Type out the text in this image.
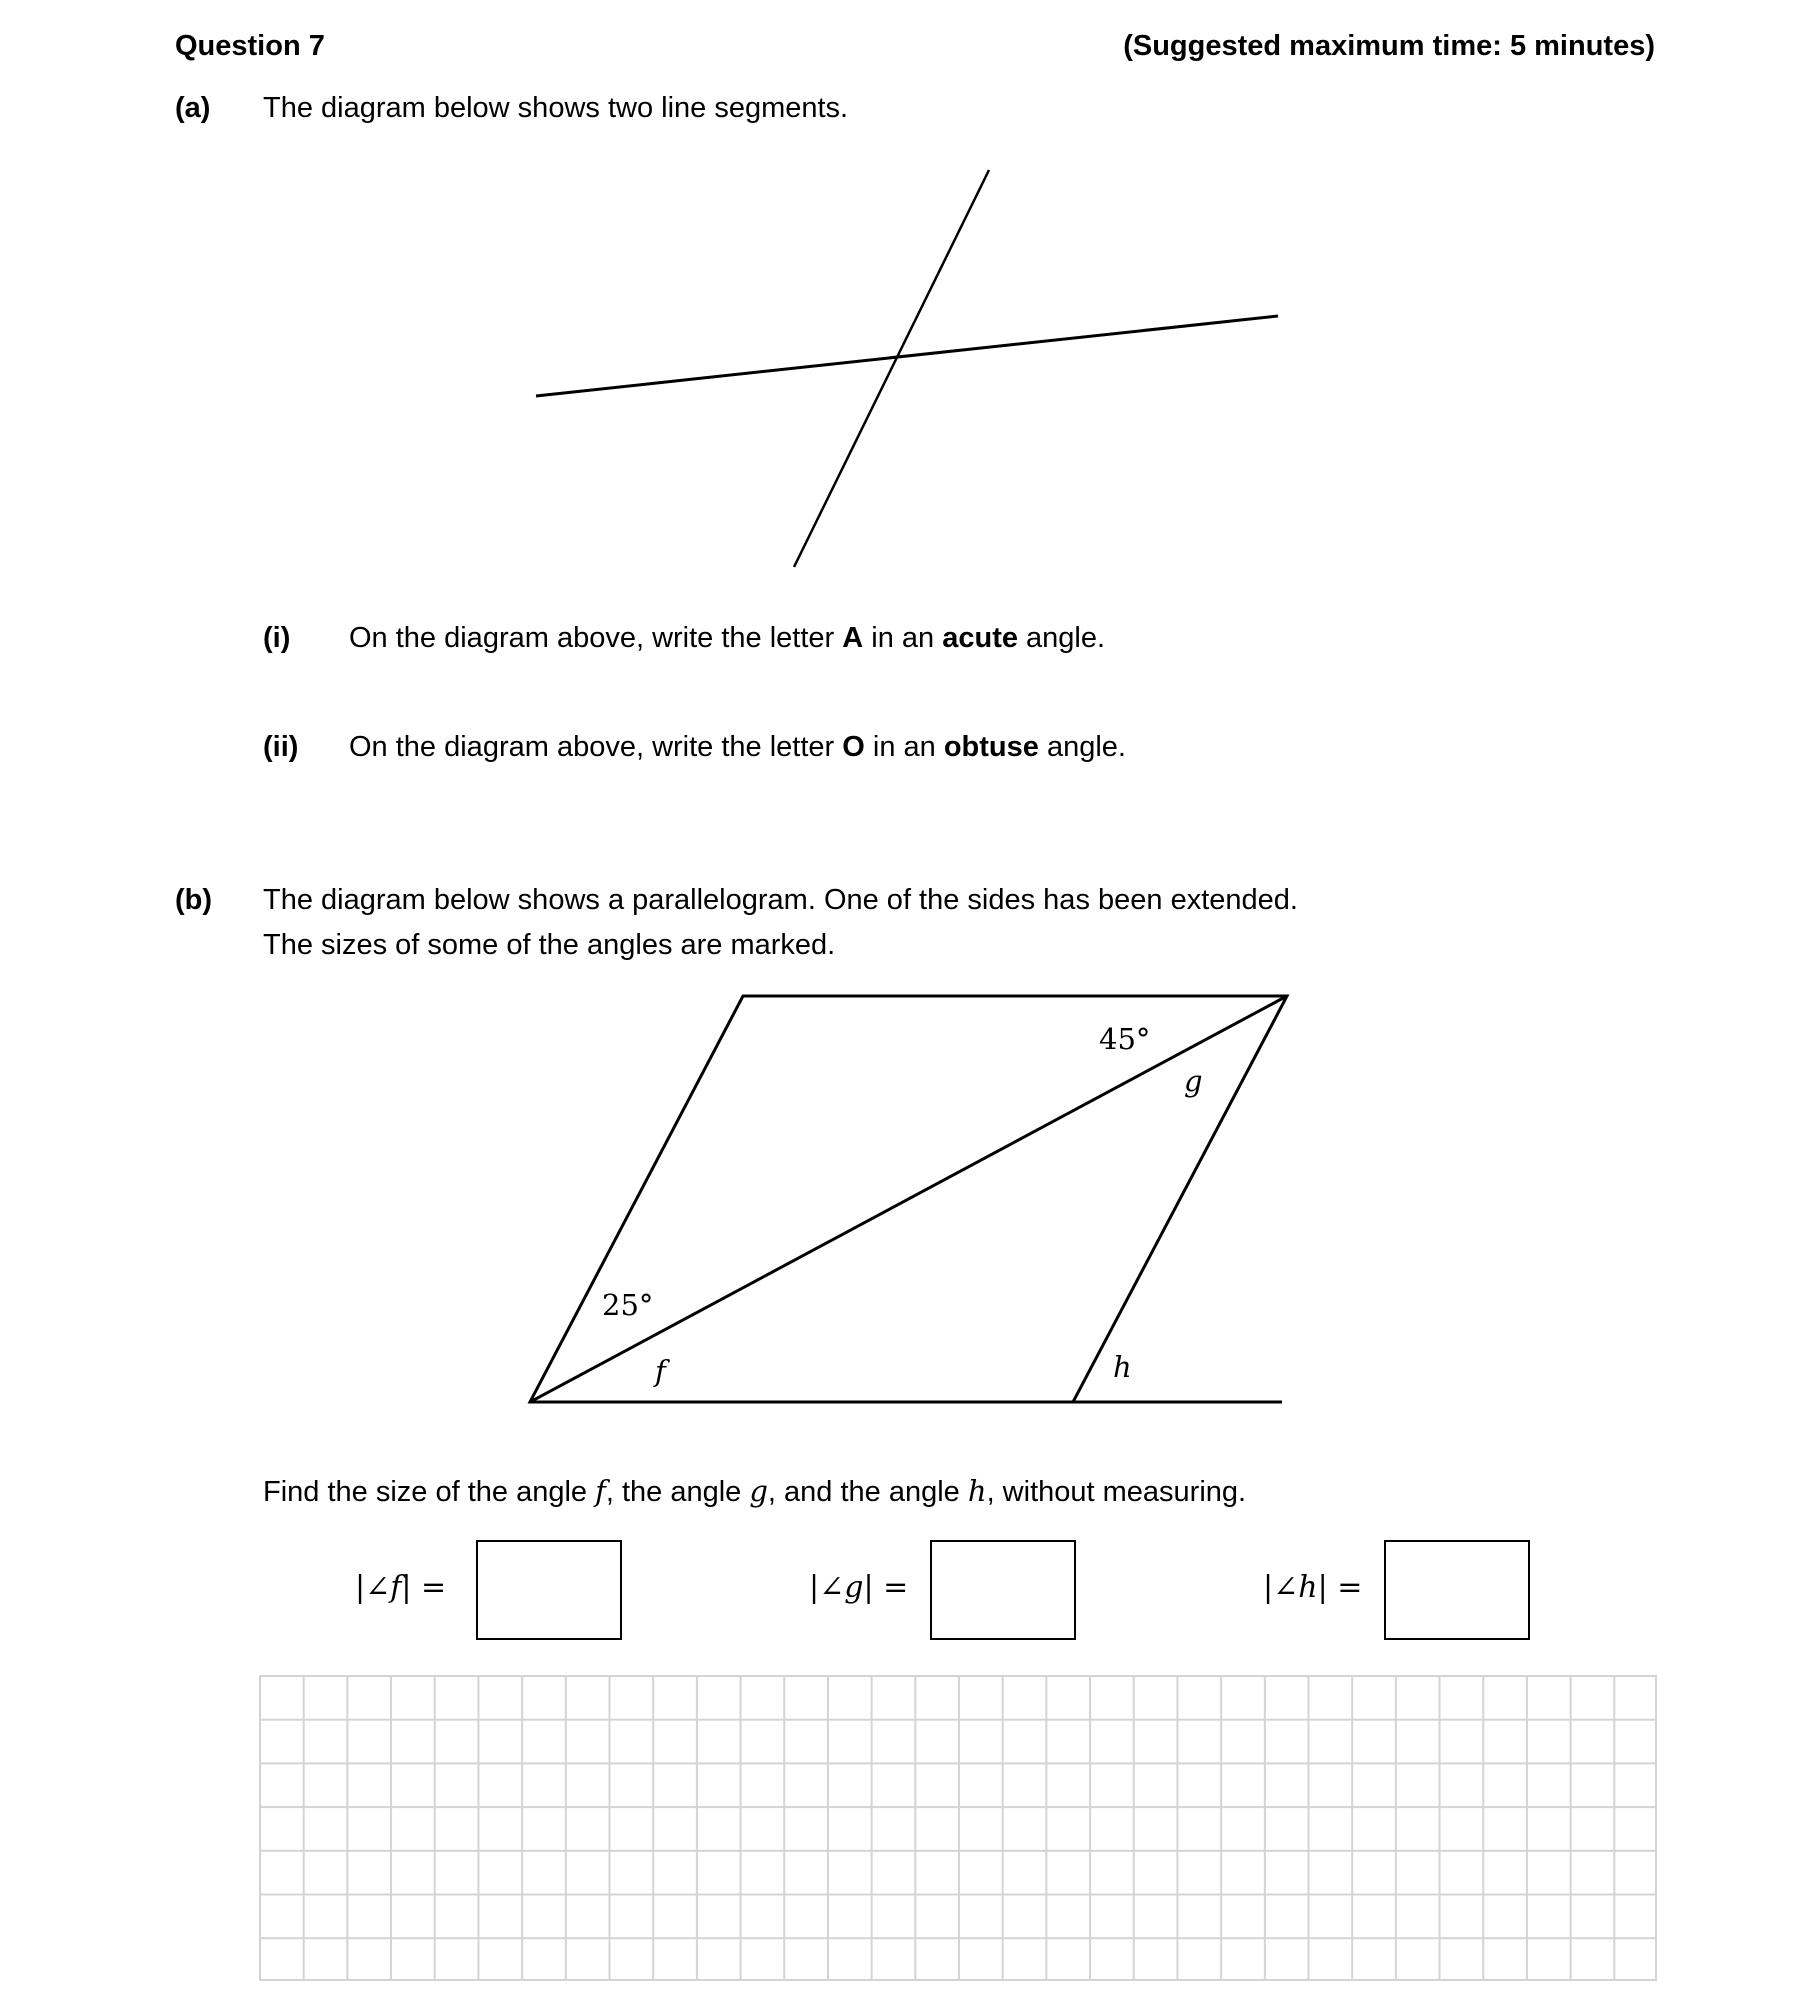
Question 7	(Suggested maximum time: 5 minutes)
(a) The diagram below shows two line segments.
(i) On the diagram above, write the letter A in an acute angle.
(ii) On the diagram above, write the letter O in an obtuse angle.
(b) The diagram below shows a parallelogram. One of the sides has been extended.
The sizes of some of the angles are marked.
45°
g
25°
f	h
Find the size of the angle f, the angle g, and the angle h, without measuring.
|∠f| =	|∠g| =	|∠h| =
